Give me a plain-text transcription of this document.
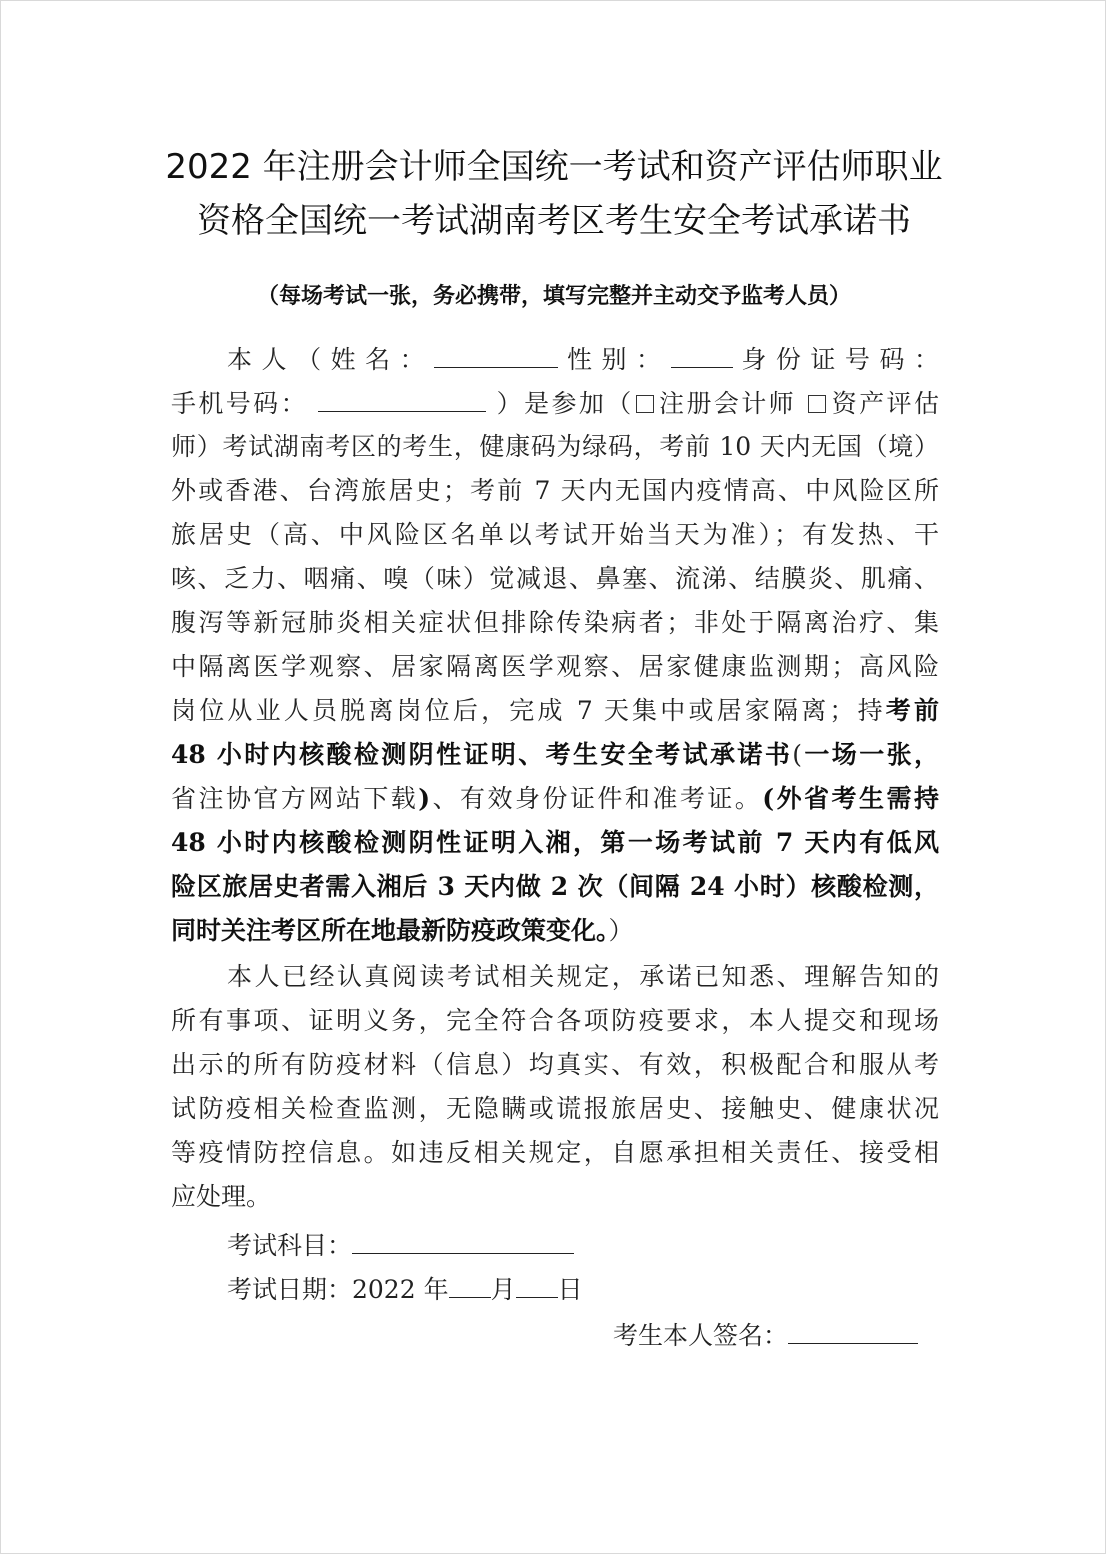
2022 年注册会计师全国统一考试和资产评估师职业
资格全国统一考试湖南考区考生安全考试承诺书
（每场考试一张，务必携带，填写完整并主动交予监考人员）
本 人 （ 姓 名 ：	性 别 ：	身 份 证 号 码 ：
手机号码：	）是参加（ 注册会计师 资产评估
师）考试湖南考区的考生，健康码为绿码，考前 10 天内无国（境）
外或香港、台湾旅居史；考前 7 天内无国内疫情高、中风险区所
旅居史（高、中风险区名单以考试开始当天为准）；有发热、干
咳、乏力、咽痛、嗅（味）觉减退、鼻塞、流涕、结膜炎、肌痛、
腹泻等新冠肺炎相关症状但排除传染病者；非处于隔离治疗、集
中隔离医学观察、居家隔离医学观察、居家健康监测期；高风险
岗位从业人员脱离岗位后，完成 7 天集中或居家隔离；持考前
48 小时内核酸检测阴性证明、考生安全考试承诺书(一场一张，
省注协官方网站下载)、有效身份证件和准考证。(外省考生需持
48 小时内核酸检测阴性证明入湘，第一场考试前 7 天内有低风
险区旅居史者需入湘后 3 天内做 2 次（间隔 24 小时）核酸检测，
同时关注考区所在地最新防疫政策变化。）
本人已经认真阅读考试相关规定，承诺已知悉、理解告知的
所有事项、证明义务，完全符合各项防疫要求，本人提交和现场
出示的所有防疫材料（信息）均真实、有效，积极配合和服从考
试防疫相关检查监测，无隐瞒或谎报旅居史、接触史、健康状况
等疫情防控信息。如违反相关规定，自愿承担相关责任、接受相
应处理。
考试科目：
考试日期：2022 年 月 日
考生本人签名：
